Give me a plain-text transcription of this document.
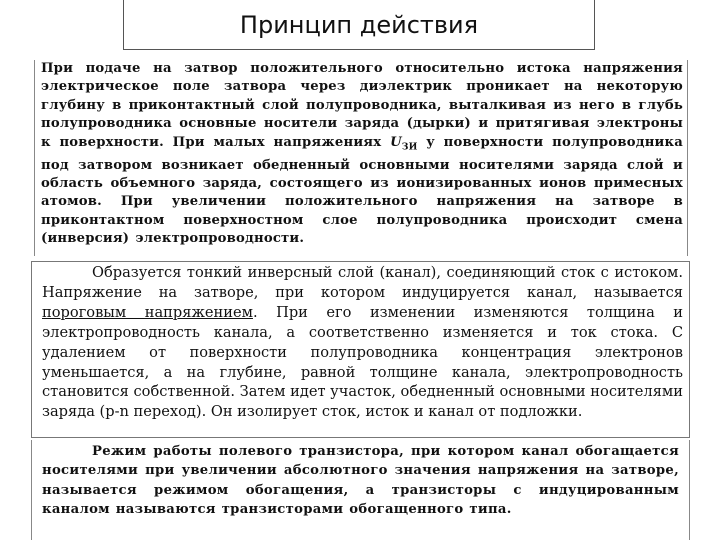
Принцип действия

При подаче на затвор положительного относительно истока напряжения электрическое поле затвора через диэлектрик проникает на некоторую глубину в приконтактный слой полупроводника, выталкивая из него в глубь полупроводника основные носители заряда (дырки) и притягивая электроны к поверхности. При малых напряжениях $U_{ЗИ}$ у поверхности полупроводника под затвором возникает обедненный основными носителями заряда слой и область объемного заряда, состоящего из ионизированных ионов примесных атомов. При увеличении положительного напряжения на затворе в приконтактном поверхностном слое полупроводника происходит смена (инверсия) электропроводности.

Образуется тонкий инверсный слой (канал), соединяющий сток с истоком. Напряжение на затворе, при котором индуцируется канал, называется пороговым напряжением. При его изменении изменяются толщина и электропроводность канала, а соответственно изменяется и ток стока. С удалением от поверхности полупроводника концентрация электронов уменьшается, а на глубине, равной толщине канала, электропроводность становится собственной. Затем идет участок, обедненный основными носителями заряда (p-n переход). Он изолирует сток, исток и канал от подложки.

Режим работы полевого транзистора, при котором канал обогащается носителями при увеличении абсолютного значения напряжения на затворе, называется режимом обогащения, а транзисторы с индуцированным каналом называются транзисторами обогащенного типа.
